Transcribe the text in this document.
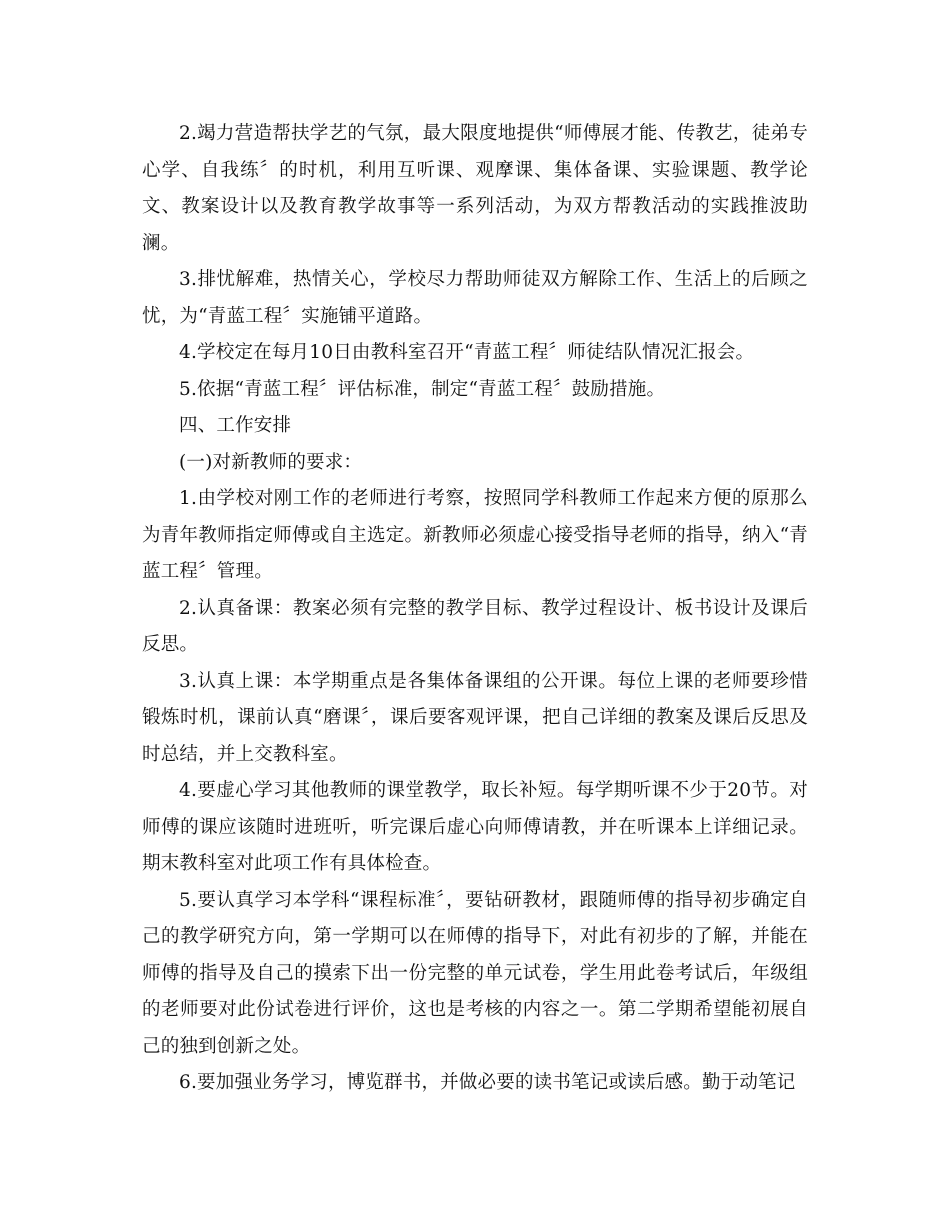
2.竭力营造帮扶学艺的气氛，最大限度地提供“师傅展才能、传教艺，徒弟专心学、自我练〞的时机，利用互听课、观摩课、集体备课、实验课题、教学论文、教案设计以及教育教学故事等一系列活动，为双方帮教活动的实践推波助澜。

3.排忧解难，热情关心，学校尽力帮助师徒双方解除工作、生活上的后顾之忧，为“青蓝工程〞实施铺平道路。

4.学校定在每月10日由教科室召开“青蓝工程〞师徒结队情况汇报会。

5.依据“青蓝工程〞评估标准，制定“青蓝工程〞鼓励措施。

四、工作安排

(一)对新教师的要求：

1.由学校对刚工作的老师进行考察，按照同学科教师工作起来方便的原那么为青年教师指定师傅或自主选定。新教师必须虚心接受指导老师的指导，纳入“青蓝工程〞管理。

2.认真备课：教案必须有完整的教学目标、教学过程设计、板书设计及课后反思。

3.认真上课：本学期重点是各集体备课组的公开课。每位上课的老师要珍惜锻炼时机，课前认真“磨课〞，课后要客观评课，把自己详细的教案及课后反思及时总结，并上交教科室。

4.要虚心学习其他教师的课堂教学，取长补短。每学期听课不少于20节。对师傅的课应该随时进班听，听完课后虚心向师傅请教，并在听课本上详细记录。期末教科室对此项工作有具体检查。

5.要认真学习本学科“课程标准〞，要钻研教材，跟随师傅的指导初步确定自己的教学研究方向，第一学期可以在师傅的指导下，对此有初步的了解，并能在师傅的指导及自己的摸索下出一份完整的单元试卷，学生用此卷考试后，年级组的老师要对此份试卷进行评价，这也是考核的内容之一。第二学期希望能初展自己的独到创新之处。

6.要加强业务学习，博览群书，并做必要的读书笔记或读后感。勤于动笔记
